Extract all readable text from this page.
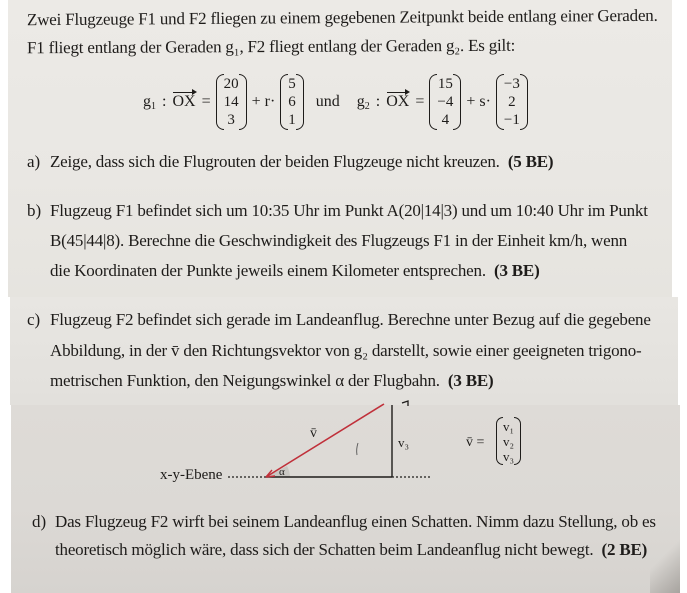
Zwei Flugzeuge F1 und F2 fliegen zu einem gegebenen Zeitpunkt beide entlang einer Geraden.
F1 fliegt entlang der Geraden g₁, F2 fliegt entlang der Geraden g₂. Es gilt:
$g_1$ : OX =
20
14
3
+ r·
5
6
1
und $g_2$ : OX =
15
−4
4
+ s·
−3
2
−1
a) Zeige, dass sich die Flugrouten der beiden Flugzeuge nicht kreuzen. (5 BE)
b) Flugzeug F1 befindet sich um 10:35 Uhr im Punkt A(20|14|3) und um 10:40 Uhr im Punkt
B(45|44|8). Berechne die Geschwindigkeit des Flugzeugs F1 in der Einheit km/h, wenn
die Koordinaten der Punkte jeweils einem Kilometer entsprechen. (3 BE)
c) Flugzeug F2 befindet sich gerade im Landeanflug. Berechne unter Bezug auf die gegebene
Abbildung, in der v̄ den Richtungsvektor von g₂ darstellt, sowie einer geeigneten trigono-
metrischen Funktion, den Neigungswinkel α der Flugbahn. (3 BE)
x-y-Ebene
v̄
α
v₃	v̄ =
v₁
v₂
v₃
d) Das Flugzeug F2 wirft bei seinem Landeanflug einen Schatten. Nimm dazu Stellung, ob es
theoretisch möglich wäre, dass sich der Schatten beim Landeanflug nicht bewegt. (2 BE)
